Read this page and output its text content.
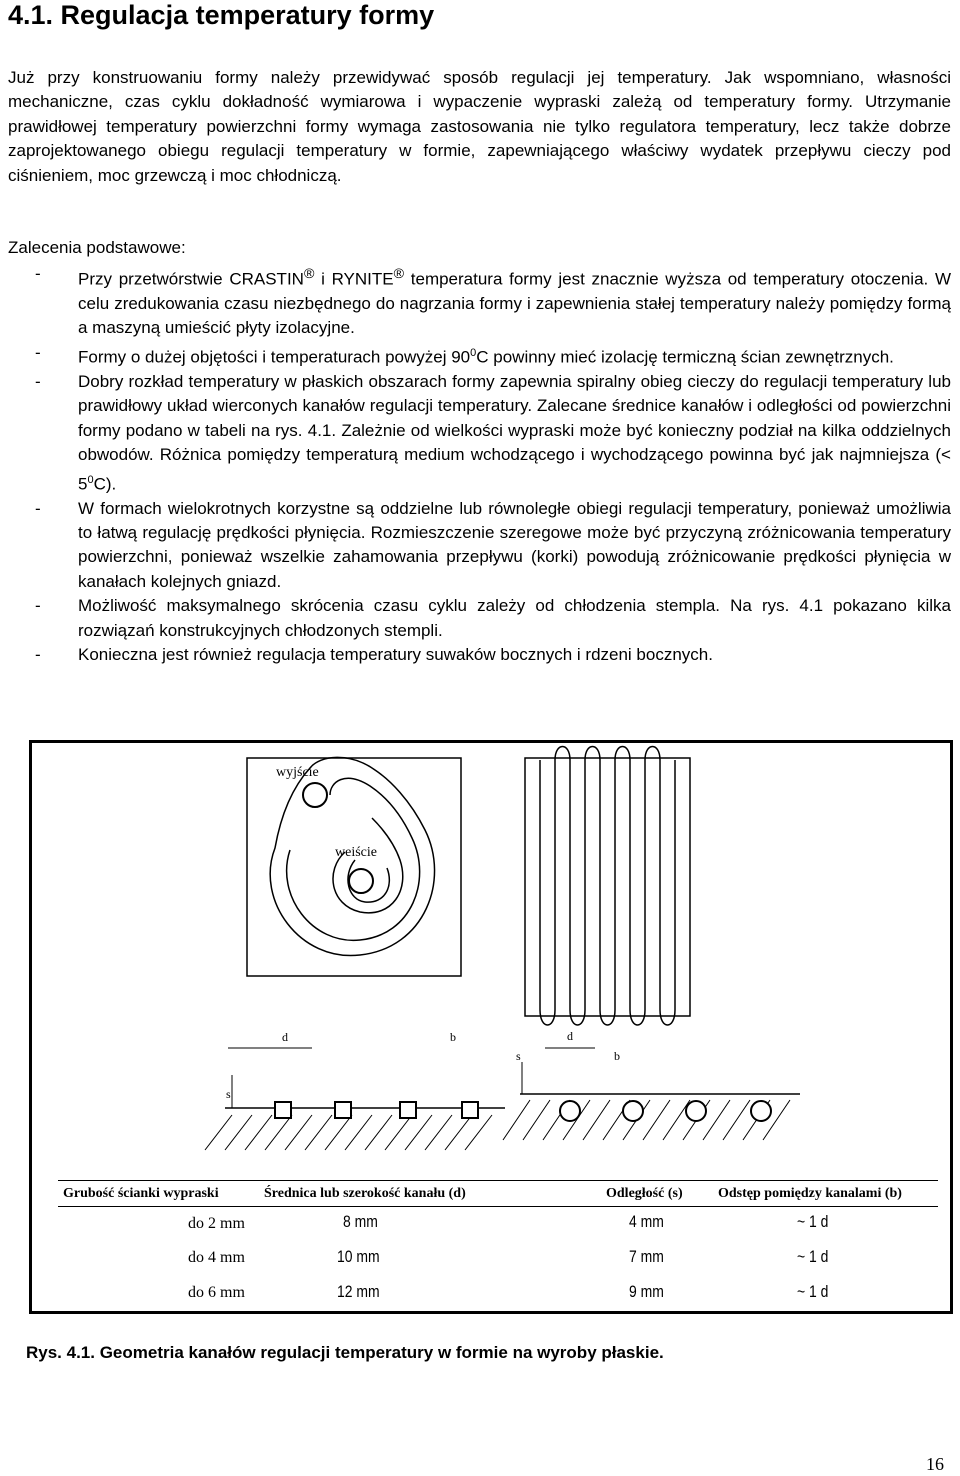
4.1. Regulacja temperatury formy

Już przy konstruowaniu formy należy przewidywać sposób regulacji jej temperatury. Jak wspomniano, własności mechaniczne, czas cyklu dokładność wymiarowa i wypaczenie wypraski zależą od temperatury formy. Utrzymanie prawidłowej temperatury powierzchni formy wymaga zastosowania nie tylko regulatora temperatury, lecz także dobrze zaprojektowanego obiegu regulacji temperatury w formie, zapewniającego właściwy wydatek przepływu cieczy pod ciśnieniem, moc grzewczą i moc chłodniczą.

Zalecenia podstawowe:

-	Przy przetwórstwie CRASTIN® i RYNITE® temperatura formy jest znacznie wyższa od temperatury otoczenia. W celu zredukowania czasu niezbędnego do nagrzania formy i zapewnienia stałej temperatury należy pomiędzy formą a maszyną umieścić płyty izolacyjne.
-	Formy o dużej objętości i temperaturach powyżej $90^0C$ powinny mieć izolację termiczną ścian zewnętrznych.
-	Dobry rozkład temperatury w płaskich obszarach formy zapewnia spiralny obieg cieczy do regulacji temperatury lub prawidłowy układ wierconych kanałów regulacji temperatury. Zalecane średnice kanałów i odległości od powierzchni formy podano w tabeli na rys. 4.1. Zależnie od wielkości wypraski może być konieczny podział na kilka oddzielnych obwodów. Różnica pomiędzy temperaturą medium wchodzącego i wychodzącego powinna być jak najmniejsza (< $5^0C$).
-	W formach wielokrotnych korzystne są oddzielne lub równoległe obiegi regulacji temperatury, ponieważ umożliwia to łatwą regulację prędkości płynięcia. Rozmieszczenie szeregowe może być przyczyną zróżnicowania temperatury powierzchni, ponieważ wszelkie zahamowania przepływu (korki) powodują zróżnicowanie prędkości płynięcia w kanałach kolejnych gniazd.
-	Możliwość maksymalnego skrócenia czasu cyklu zależy od chłodzenia stempla. Na rys. 4.1 pokazano kilka rozwiązań konstrukcyjnych chłodzonych stempli.
-	Konieczna jest również regulacja temperatury suwaków bocznych i rdzeni bocznych.
wyjście
weiście
d	b
s
d
s	b
Grubość ścianki wypraski	Średnica lub szerokość kanału (d)	Odległość (s)	Odstęp pomiędzy kanalami (b)
do 2 mm	8 mm	4 mm	~ 1 d
do 4 mm	10 mm	7 mm	~ 1 d
do 6 mm	12 mm	9 mm	~ 1 d

Rys. 4.1. Geometria kanałów regulacji temperatury w formie na wyroby płaskie.

16
